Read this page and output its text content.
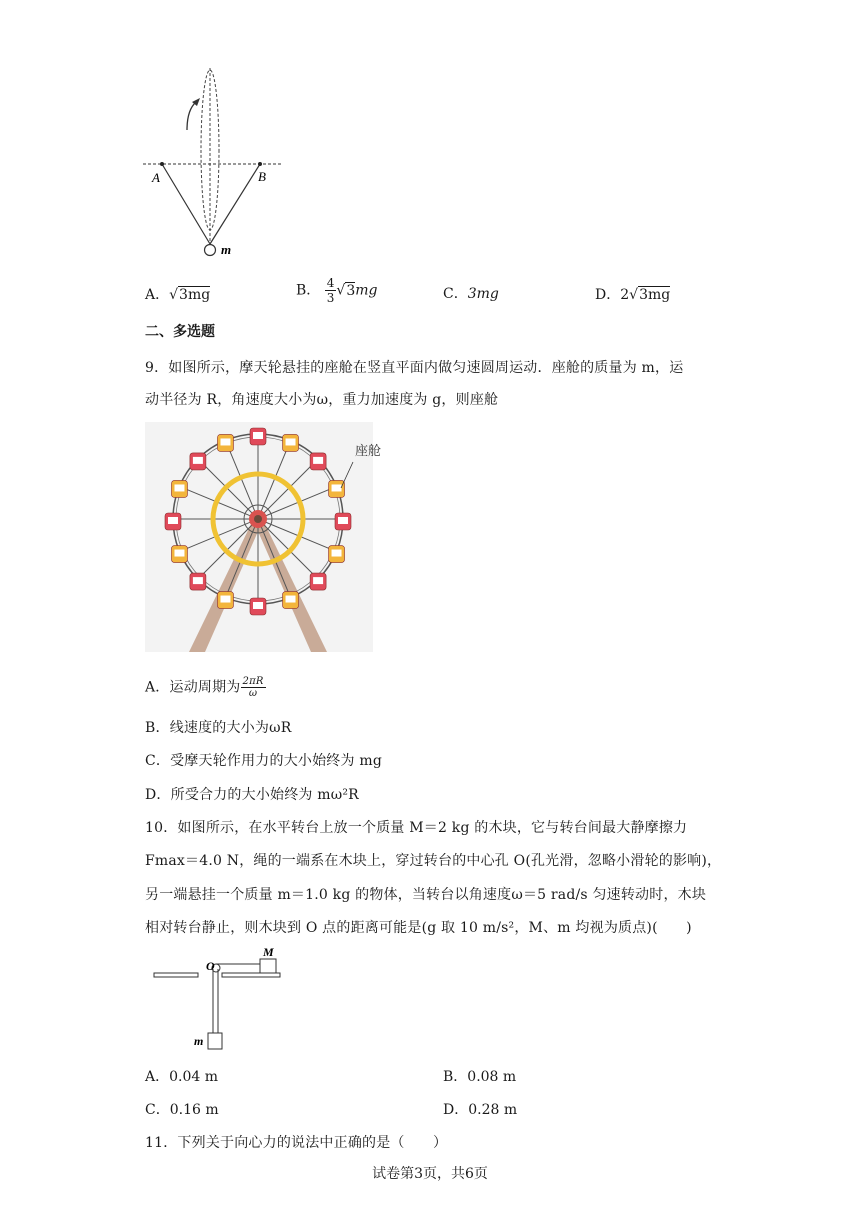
A	B
m
A．√3mg	B． $\frac{4}{3} √3mg$	C．3mg	D．2√3mg
二、多选题
9．如图所示，摩天轮悬挂的座舱在竖直平面内做匀速圆周运动．座舱的质量为 m，运
动半径为 R，角速度大小为ω，重力加速度为 g，则座舱
座舱
A．运动周期为 $\frac{2\pi R}{\omega}$
B．线速度的大小为ωR
C．受摩天轮作用力的大小始终为 mg
D．所受合力的大小始终为 mω²R
10．如图所示，在水平转台上放一个质量 M＝2 kg 的木块，它与转台间最大静摩擦力
Fmax＝4.0 N，绳的一端系在木块上，穿过转台的中心孔 O(孔光滑，忽略小滑轮的影响)，
另一端悬挂一个质量 m＝1.0 kg 的物体，当转台以角速度ω＝5 rad/s 匀速转动时，木块
相对转台静止，则木块到 O 点的距离可能是(g 取 10 m/s²，M、m 均视为质点)(　　)
O
M
m
A．0.04 m	B．0.08 m
C．0.16 m	D．0.28 m
11．下列关于向心力的说法中正确的是（　　）
试卷第3页，共6页
